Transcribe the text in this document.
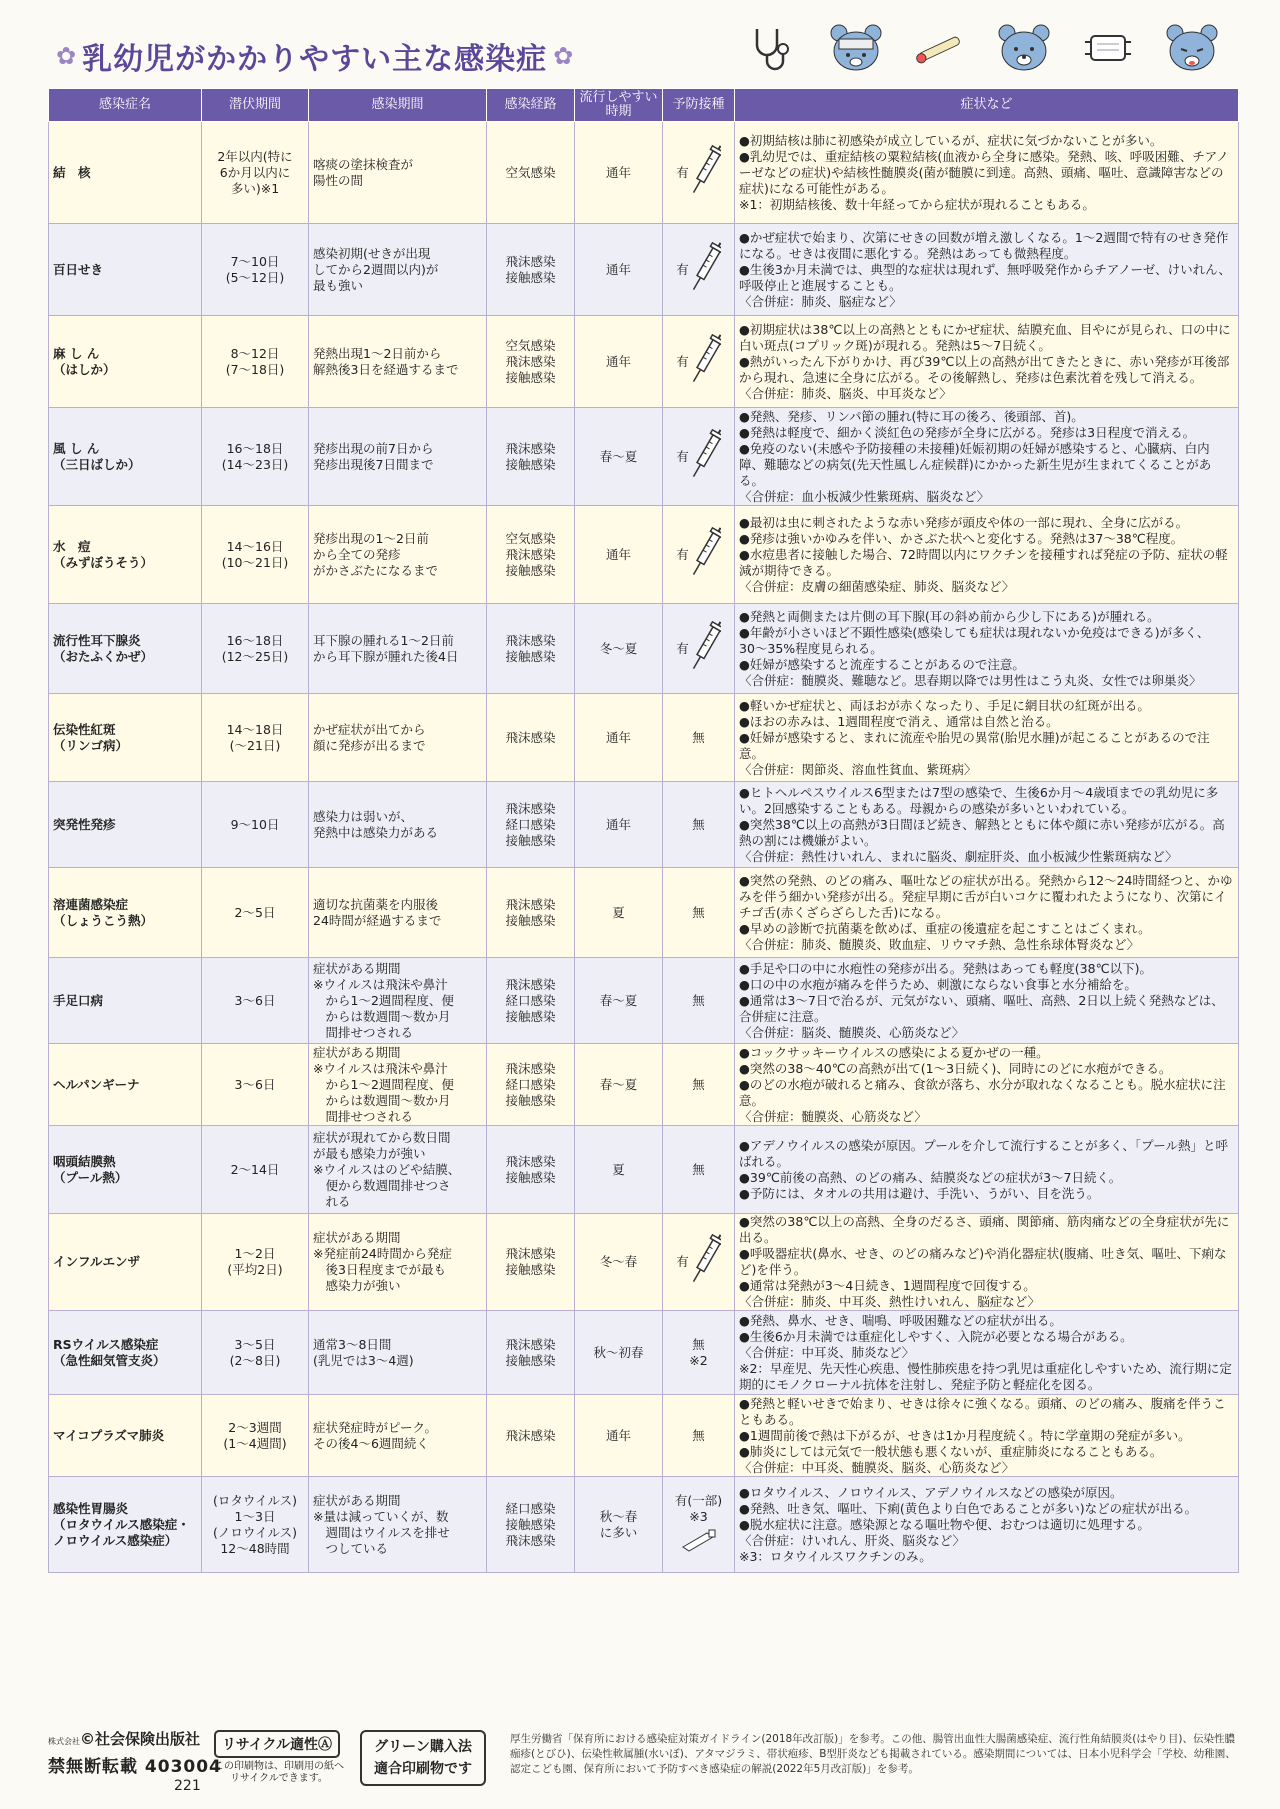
✿ 乳幼児がかかりやすい主な感染症 ✿
感染症名	潜伏期間	感染期間	感染経路	流行しやすい時期	予防接種	症状など
結　核	2年以内(特に
6か月以内に
多い)※1	喀痰の塗抹検査が
陽性の間	空気感染	通年	有	●初期結核は肺に初感染が成立しているが、症状に気づかないことが多い。
●乳幼児では、重症結核の粟粒結核(血液から全身に感染。発熱、咳、呼吸困難、チアノーゼなどの症状)や結核性髄膜炎(菌が髄膜に到達。高熱、頭痛、嘔吐、意識障害などの症状)になる可能性がある。
※1：初期結核後、数十年経ってから症状が現れることもある。
百日せき	7〜10日
(5〜12日)	感染初期(せきが出現
してから2週間以内)が
最も強い	飛沫感染
接触感染	通年	有	●かぜ症状で始まり、次第にせきの回数が増え激しくなる。1〜2週間で特有のせき発作になる。せきは夜間に悪化する。発熱はあっても微熱程度。
●生後3か月未満では、典型的な症状は現れず、無呼吸発作からチアノーゼ、けいれん、呼吸停止と進展することも。
〈合併症：肺炎、脳症など〉
麻 し ん
（はしか）	8〜12日
(7〜18日)	発熱出現1〜2日前から
解熱後3日を経過するまで	空気感染
飛沫感染
接触感染	通年	有	●初期症状は38℃以上の高熱とともにかぜ症状、結膜充血、目やにが見られ、口の中に白い斑点(コプリック斑)が現れる。発熱は5〜7日続く。
●熱がいったん下がりかけ、再び39℃以上の高熱が出てきたときに、赤い発疹が耳後部から現れ、急速に全身に広がる。その後解熱し、発疹は色素沈着を残して消える。
〈合併症：肺炎、脳炎、中耳炎など〉
風 し ん
（三日ばしか）	16〜18日
(14〜23日)	発疹出現の前7日から
発疹出現後7日間まで	飛沫感染
接触感染	春〜夏	有	●発熱、発疹、リンパ節の腫れ(特に耳の後ろ、後頭部、首)。
●発熱は軽度で、細かく淡紅色の発疹が全身に広がる。発疹は3日程度で消える。
●免疫のない(未感や予防接種の未接種)妊娠初期の妊婦が感染すると、心臓病、白内障、難聴などの病気(先天性風しん症候群)にかかった新生児が生まれてくることがある。
〈合併症：血小板減少性紫斑病、脳炎など〉
水　痘
（みずぼうそう）	14〜16日
(10〜21日)	発疹出現の1〜2日前
から全ての発疹
がかさぶたになるまで	空気感染
飛沫感染
接触感染	通年	有	●最初は虫に刺されたような赤い発疹が頭皮や体の一部に現れ、全身に広がる。
●発疹は強いかゆみを伴い、かさぶた状へと変化する。発熱は37〜38℃程度。
●水痘患者に接触した場合、72時間以内にワクチンを接種すれば発症の予防、症状の軽減が期待できる。
〈合併症：皮膚の細菌感染症、肺炎、脳炎など〉
流行性耳下腺炎
（おたふくかぜ）	16〜18日
(12〜25日)	耳下腺の腫れる1〜2日前
から耳下腺が腫れた後4日	飛沫感染
接触感染	冬〜夏	有	●発熱と両側または片側の耳下腺(耳の斜め前から少し下にある)が腫れる。
●年齢が小さいほど不顕性感染(感染しても症状は現れないか免疫はできる)が多く、30〜35%程度見られる。
●妊婦が感染すると流産することがあるので注意。
〈合併症：髄膜炎、難聴など。思春期以降では男性はこう丸炎、女性では卵巣炎〉
伝染性紅斑
（リンゴ病）	14〜18日
(〜21日)	かぜ症状が出てから
顔に発疹が出るまで	飛沫感染	通年	無	●軽いかぜ症状と、両ほおが赤くなったり、手足に網目状の紅斑が出る。
●ほおの赤みは、1週間程度で消え、通常は自然と治る。
●妊婦が感染すると、まれに流産や胎児の異常(胎児水腫)が起こることがあるので注意。
〈合併症：関節炎、溶血性貧血、紫斑病〉
突発性発疹	9〜10日	感染力は弱いが、
発熱中は感染力がある	飛沫感染
経口感染
接触感染	通年	無	●ヒトヘルペスウイルス6型または7型の感染で、生後6か月〜4歳頃までの乳幼児に多い。2回感染することもある。母親からの感染が多いといわれている。
●突然38℃以上の高熱が3日間ほど続き、解熱とともに体や顔に赤い発疹が広がる。高熱の割には機嫌がよい。
〈合併症：熱性けいれん、まれに脳炎、劇症肝炎、血小板減少性紫斑病など〉
溶連菌感染症
（しょうこう熱）	2〜5日	適切な抗菌薬を内服後
24時間が経過するまで	飛沫感染
接触感染	夏	無	●突然の発熱、のどの痛み、嘔吐などの症状が出る。発熱から12〜24時間経つと、かゆみを伴う細かい発疹が出る。発症早期に舌が白いコケに覆われたようになり、次第にイチゴ舌(赤くざらざらした舌)になる。
●早めの診断で抗菌薬を飲めば、重症の後遺症を起こすことはごくまれ。
〈合併症：肺炎、髄膜炎、敗血症、リウマチ熱、急性糸球体腎炎など〉
手足口病	3〜6日	症状がある期間
※ウイルスは飛沫や鼻汁
　から1〜2週間程度、便
　からは数週間〜数か月
　間排せつされる	飛沫感染
経口感染
接触感染	春〜夏	無	●手足や口の中に水疱性の発疹が出る。発熱はあっても軽度(38℃以下)。
●口の中の水疱が痛みを伴うため、刺激にならない食事と水分補給を。
●通常は3〜7日で治るが、元気がない、頭痛、嘔吐、高熱、2日以上続く発熱などは、合併症に注意。
〈合併症：脳炎、髄膜炎、心筋炎など〉
ヘルパンギーナ	3〜6日	症状がある期間
※ウイルスは飛沫や鼻汁
　から1〜2週間程度、便
　からは数週間〜数か月
　間排せつされる	飛沫感染
経口感染
接触感染	春〜夏	無	●コックサッキーウイルスの感染による夏かぜの一種。
●突然の38〜40℃の高熱が出て(1〜3日続く)、同時にのどに水疱ができる。
●のどの水疱が破れると痛み、食欲が落ち、水分が取れなくなることも。脱水症状に注意。
〈合併症：髄膜炎、心筋炎など〉
咽頭結膜熱
（プール熱）	2〜14日	症状が現れてから数日間
が最も感染力が強い
※ウイルスはのどや結膜、
　便から数週間排せつさ
　れる	飛沫感染
接触感染	夏	無	●アデノウイルスの感染が原因。プールを介して流行することが多く、「プール熱」と呼ばれる。
●39℃前後の高熱、のどの痛み、結膜炎などの症状が3〜7日続く。
●予防には、タオルの共用は避け、手洗い、うがい、目を洗う。
インフルエンザ	1〜2日
(平均2日)	症状がある期間
※発症前24時間から発症
　後3日程度までが最も
　感染力が強い	飛沫感染
接触感染	冬〜春	有	●突然の38℃以上の高熱、全身のだるさ、頭痛、関節痛、筋肉痛などの全身症状が先に出る。
●呼吸器症状(鼻水、せき、のどの痛みなど)や消化器症状(腹痛、吐き気、嘔吐、下痢など)を伴う。
●通常は発熱が3〜4日続き、1週間程度で回復する。
〈合併症：肺炎、中耳炎、熱性けいれん、脳症など〉
RSウイルス感染症
（急性細気管支炎）	3〜5日
(2〜8日)	通常3〜8日間
(乳児では3〜4週)	飛沫感染
接触感染	秋〜初春	無
※2	●発熱、鼻水、せき、喘鳴、呼吸困難などの症状が出る。
●生後6か月未満では重症化しやすく、入院が必要となる場合がある。
〈合併症：中耳炎、肺炎など〉
※2：早産児、先天性心疾患、慢性肺疾患を持つ乳児は重症化しやすいため、流行期に定期的にモノクローナル抗体を注射し、発症予防と軽症化を図る。
マイコプラズマ肺炎	2〜3週間
(1〜4週間)	症状発症時がピーク。
その後4〜6週間続く	飛沫感染	通年	無	●発熱と軽いせきで始まり、せきは徐々に強くなる。頭痛、のどの痛み、腹痛を伴うこともある。
●1週間前後で熱は下がるが、せきは1か月程度続く。特に学童期の発症が多い。
●肺炎にしては元気で一般状態も悪くないが、重症肺炎になることもある。
〈合併症：中耳炎、髄膜炎、脳炎、心筋炎など〉
感染性胃腸炎
（ロタウイルス感染症・
ノロウイルス感染症）	(ロタウイルス)
1〜3日
(ノロウイルス)
12〜48時間	症状がある期間
※量は減っていくが、数
　週間はウイルスを排せ
　つしている	経口感染
接触感染
飛沫感染	秋〜春
に多い	有(一部)
※3	●ロタウイルス、ノロウイルス、アデノウイルスなどの感染が原因。
●発熱、吐き気、嘔吐、下痢(黄色より白色であることが多い)などの症状が出る。
●脱水症状に注意。感染源となる嘔吐物や便、おむつは適切に処理する。
〈合併症：けいれん、肝炎、脳炎など〉
※3：ロタウイルスワクチンのみ。
株式会社©社会保険出版社
禁無断転載 403004
221
リサイクル適性Ⓐ
この印刷物は、印刷用の紙へ
リサイクルできます。
グリーン購入法
適合印刷物です
厚生労働省「保育所における感染症対策ガイドライン(2018年改訂版)」を参考。この他、腸管出血性大腸菌感染症、流行性角結膜炎(はやり目)、伝染性膿痂疹(とびひ)、伝染性軟属腫(水いぼ)、アタマジラミ、帯状疱疹、B型肝炎なども掲載されている。感染期間については、日本小児科学会「学校、幼稚園、認定こども園、保育所において予防すべき感染症の解説(2022年5月改訂版)」を参考。
